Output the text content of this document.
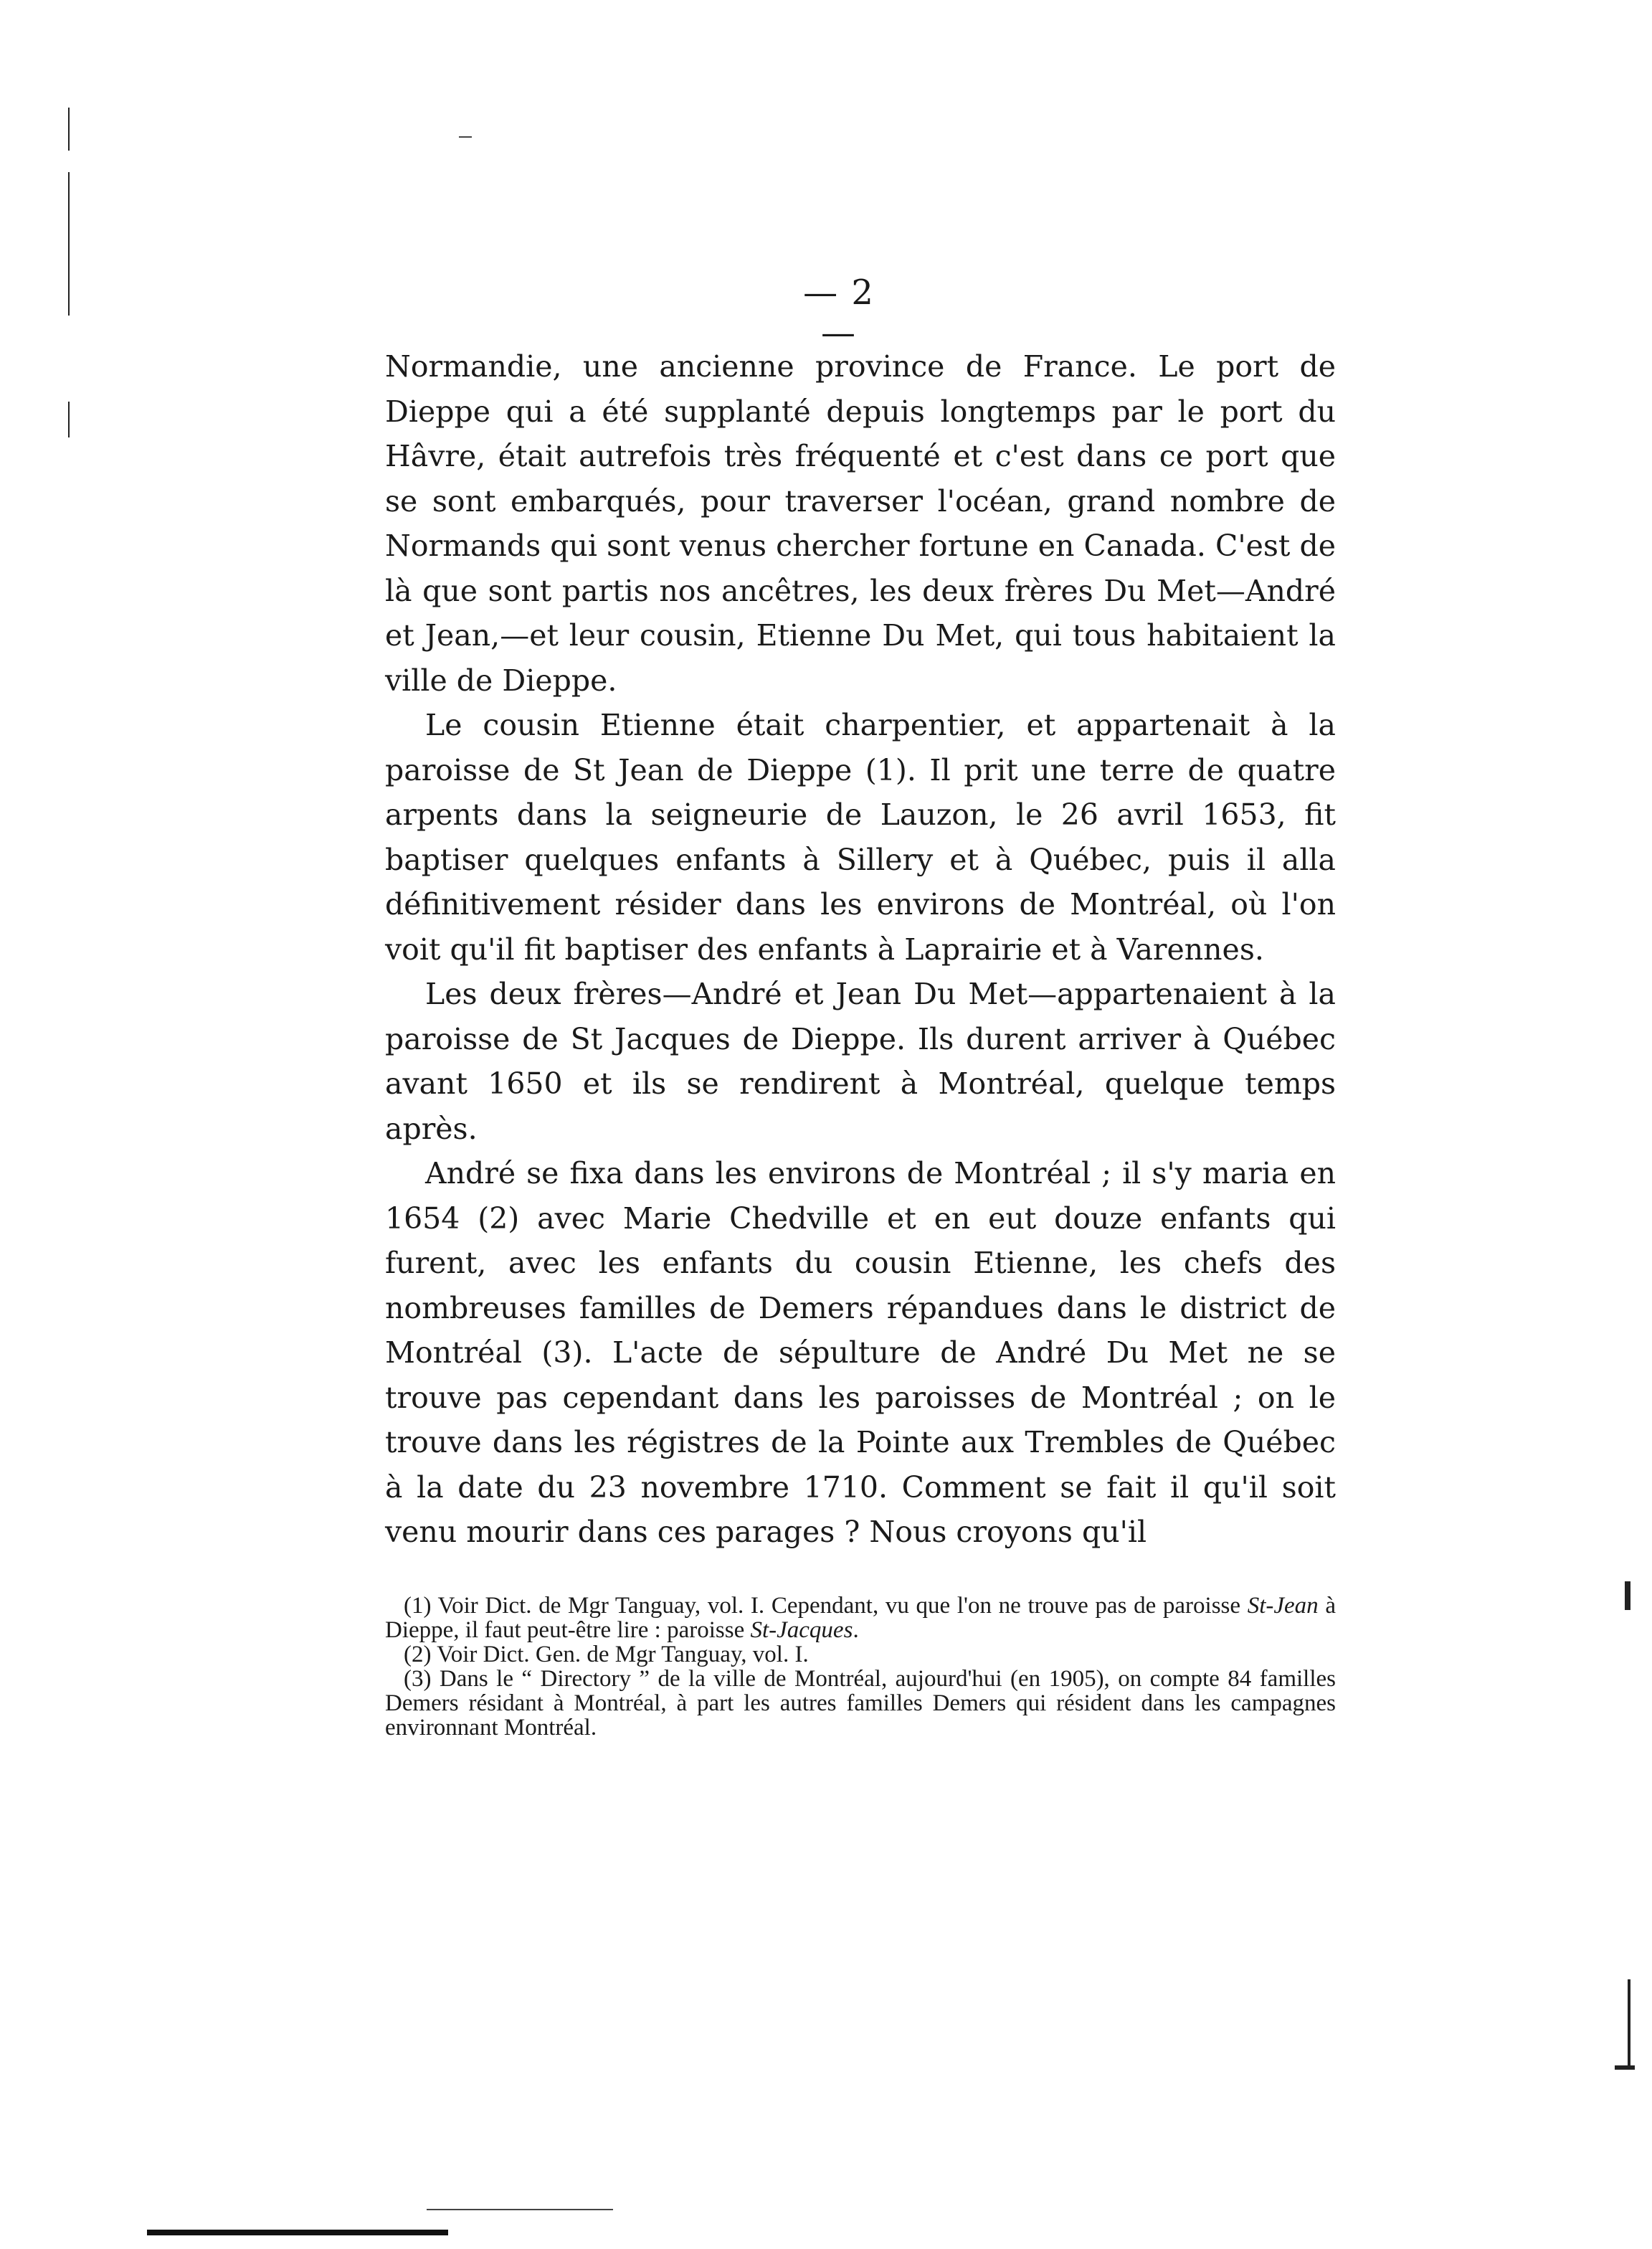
— 2 —

Normandie, une ancienne province de France. Le port de Dieppe qui a été supplanté depuis longtemps par le port du Hâvre, était autrefois très fréquenté et c'est dans ce port que se sont embarqués, pour traverser l'océan, grand nombre de Normands qui sont venus chercher fortune en Canada. C'est de là que sont partis nos ancêtres, les deux frères Du Met—André et Jean,—et leur cousin, Etienne Du Met, qui tous habitaient la ville de Dieppe.

Le cousin Etienne était charpentier, et appartenait à la paroisse de St Jean de Dieppe (1). Il prit une terre de quatre arpents dans la seigneurie de Lauzon, le 26 avril 1653, fit baptiser quelques enfants à Sillery et à Québec, puis il alla définitivement résider dans les environs de Montréal, où l'on voit qu'il fit baptiser des enfants à Laprairie et à Varennes.

Les deux frères—André et Jean Du Met—appartenaient à la paroisse de St Jacques de Dieppe. Ils durent arriver à Québec avant 1650 et ils se rendirent à Montréal, quelque temps après.

André se fixa dans les environs de Montréal ; il s'y maria en 1654 (2) avec Marie Chedville et en eut douze enfants qui furent, avec les enfants du cousin Etienne, les chefs des nombreuses familles de Demers répandues dans le district de Montréal (3). L'acte de sépulture de André Du Met ne se trouve pas cependant dans les paroisses de Montréal ; on le trouve dans les régistres de la Pointe aux Trembles de Québec à la date du 23 novembre 1710. Comment se fait il qu'il soit venu mourir dans ces parages ? Nous croyons qu'il

(1) Voir Dict. de Mgr Tanguay, vol. I. Cependant, vu que l'on ne trouve pas de paroisse St-Jean à Dieppe, il faut peut-être lire : paroisse St-Jacques.

(2) Voir Dict. Gen. de Mgr Tanguay, vol. I.

(3) Dans le “ Directory ” de la ville de Montréal, aujourd'hui (en 1905), on compte 84 familles Demers résidant à Montréal, à part les autres familles Demers qui résident dans les campagnes environnant Montréal.
